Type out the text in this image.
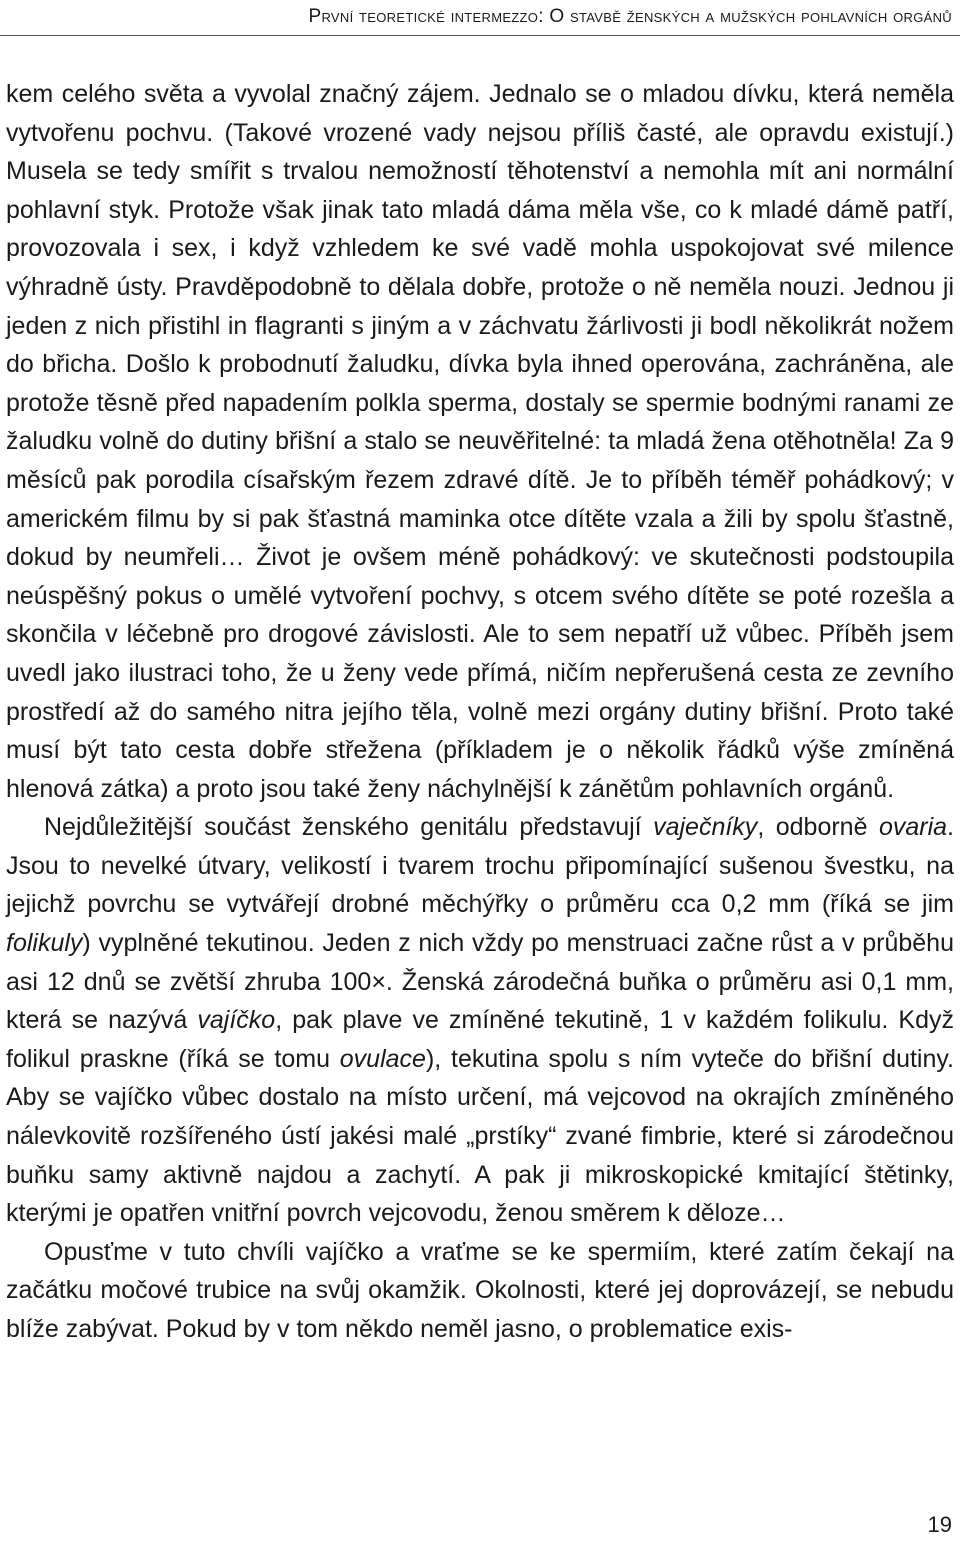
První teoretické intermezzo: O stavbě ženských a mužských pohlavních orgánů

kem celého světa a vyvolal značný zájem. Jednalo se o mladou dívku, která neměla vytvořenu pochvu. (Takové vrozené vady nejsou příliš časté, ale opravdu existují.) Musela se tedy smířit s trvalou nemožností těhotenství a nemohla mít ani normální pohlavní styk. Protože však jinak tato mladá dáma měla vše, co k mladé dámě patří, provozovala i sex, i když vzhledem ke své vadě mohla uspokojovat své milence výhradně ústy. Pravděpodobně to dělala dobře, protože o ně neměla nouzi. Jednou ji jeden z nich přistihl in flagranti s jiným a v záchvatu žárlivosti ji bodl několikrát nožem do břicha. Došlo k probodnutí žaludku, dívka byla ihned operována, zachráněna, ale protože těsně před napadením polkla sperma, dostaly se spermie bodnými ranami ze žaludku volně do dutiny břišní a stalo se neuvěřitelné: ta mladá žena otěhotněla! Za 9 měsíců pak porodila císařským řezem zdravé dítě. Je to příběh téměř pohádkový; v americkém filmu by si pak šťastná maminka otce dítěte vzala a žili by spolu šťastně, dokud by neumřeli… Život je ovšem méně pohádkový: ve skutečnosti podstoupila neúspěšný pokus o umělé vytvoření pochvy, s otcem svého dítěte se poté rozešla a skončila v léčebně pro drogové závislosti. Ale to sem nepatří už vůbec. Příběh jsem uvedl jako ilustraci toho, že u ženy vede přímá, ničím nepřerušená cesta ze zevního prostředí až do samého nitra jejího těla, volně mezi orgány dutiny břišní. Proto také musí být tato cesta dobře střežena (příkladem je o několik řádků výše zmíněná hlenová zátka) a proto jsou také ženy náchylnější k zánětům pohlavních orgánů.

Nejdůležitější součást ženského genitálu představují vaječníky, odborně ovaria. Jsou to nevelké útvary, velikostí i tvarem trochu připomínající sušenou švestku, na jejichž povrchu se vytvářejí drobné měchýřky o průměru cca 0,2 mm (říká se jim folikuly) vyplněné tekutinou. Jeden z nich vždy po menstruaci začne růst a v průběhu asi 12 dnů se zvětší zhruba 100×. Ženská zárodečná buňka o průměru asi 0,1 mm, která se nazývá vajíčko, pak plave ve zmíněné tekutině, 1 v každém folikulu. Když folikul praskne (říká se tomu ovulace), tekutina spolu s ním vyteče do břišní dutiny. Aby se vajíčko vůbec dostalo na místo určení, má vejcovod na okrajích zmíněného nálevkovitě rozšířeného ústí jakési malé „prstíky“ zvané fimbrie, které si zárodečnou buňku samy aktivně najdou a zachytí. A pak ji mikroskopické kmitající štětinky, kterými je opatřen vnitřní povrch vejcovodu, ženou směrem k děloze…

Opusťme v tuto chvíli vajíčko a vraťme se ke spermiím, které zatím čekají na začátku močové trubice na svůj okamžik. Okolnosti, které jej doprovázejí, se nebudu blíže zabývat. Pokud by v tom někdo neměl jasno, o problematice exis-

19
